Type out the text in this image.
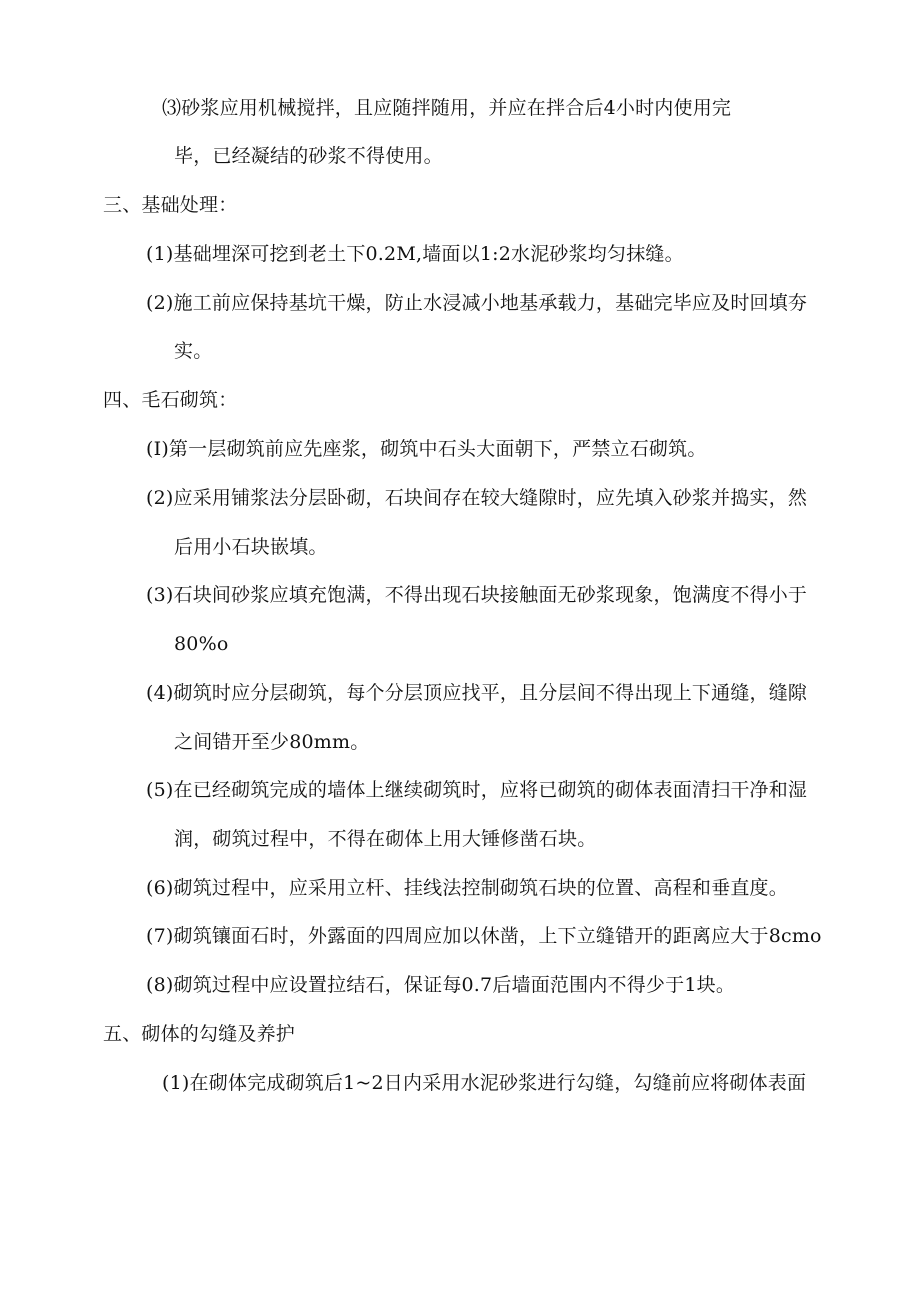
⑶砂浆应用机械搅拌，且应随拌随用，并应在拌合后4小时内使用完
毕，已经凝结的砂浆不得使用。
三、基础处理：
(1)基础埋深可挖到老土下0.2M,墙面以1:2水泥砂浆均匀抹缝。
(2)施工前应保持基坑干燥，防止水浸减小地基承载力，基础完毕应及时回填夯
实。
四、毛石砌筑：
(I)第一层砌筑前应先座浆，砌筑中石头大面朝下，严禁立石砌筑。
(2)应采用铺浆法分层卧砌，石块间存在较大缝隙时，应先填入砂浆并捣实，然
后用小石块嵌填。
(3)石块间砂浆应填充饱满，不得出现石块接触面无砂浆现象，饱满度不得小于
80%o
(4)砌筑时应分层砌筑，每个分层顶应找平，且分层间不得出现上下通缝，缝隙
之间错开至少80mm。
(5)在已经砌筑完成的墙体上继续砌筑时，应将已砌筑的砌体表面清扫干净和湿
润，砌筑过程中，不得在砌体上用大锤修凿石块。
(6)砌筑过程中，应采用立杆、挂线法控制砌筑石块的位置、高程和垂直度。
(7)砌筑镶面石时，外露面的四周应加以休凿，上下立缝错开的距离应大于8cmo
(8)砌筑过程中应设置拉结石，保证每0.7后墙面范围内不得少于1块。
五、砌体的勾缝及养护
(1)在砌体完成砌筑后1~2日内采用水泥砂浆进行勾缝，勾缝前应将砌体表面
